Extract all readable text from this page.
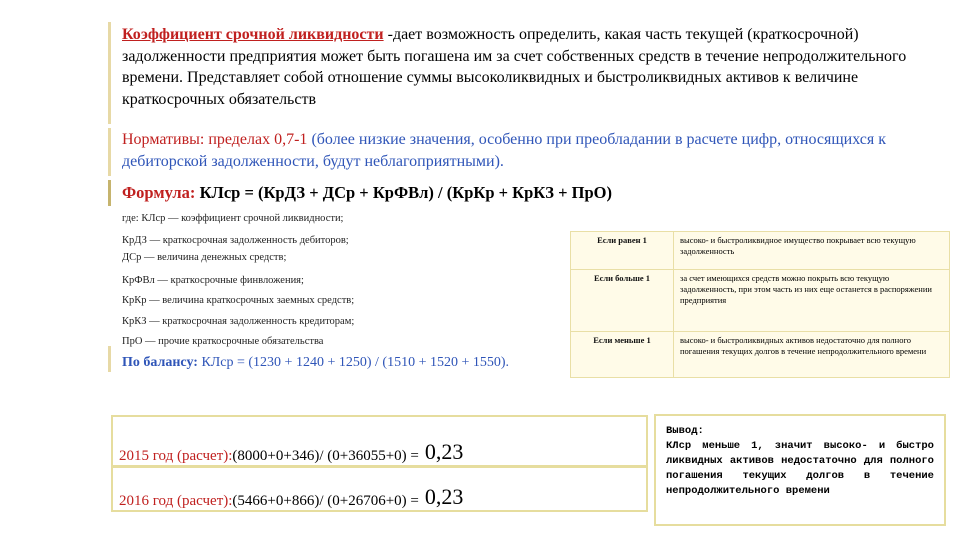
Коэффициент срочной ликвидности -дает возможность определить, какая часть текущей (краткосрочной) задолженности предприятия может быть погашена им за счет собственных средств в течение непродолжительного времени. Представляет собой отношение суммы высоколиквидных и быстроликвидных активов к величине краткосрочных обязательств
Нормативы: пределах 0,7-1 (более низкие значения, особенно при преобладании в расчете цифр, относящихся к дебиторской задолженности, будут неблагоприятными).
Формула: КЛср = (КрДЗ + ДСр + КрФВл) / (КрКр + КрКЗ + ПрО)
где: КЛср — коэффициент срочной ликвидности;
КрДЗ — краткосрочная задолженность дебиторов;
ДСр — величина денежных средств;
КрФВл — краткосрочные финвложения;
КрКр — величина краткосрочных заемных средств;
КрКЗ — краткосрочная задолженность кредиторам;
ПрО — прочие краткосрочные обязательства
По балансу: КЛср = (1230 + 1240 + 1250) / (1510 + 1520 + 1550).
Если равен 1	высоко- и быстроликвидное имущество покрывает всю текущую задолженность
Если больше 1	за счет имеющихся средств можно покрыть всю текущую задолженность, при этом часть из них еще останется в распоряжении предприятия
Если меньше 1	высоко- и быстроликвидных активов недостаточно для полного погашения текущих долгов в течение непродолжительного времени
2015 год (расчет): (8000+0+346)/ (0+36055+0) = 0,23
2016 год (расчет): (5466+0+866)/ (0+26706+0) = 0,23
Вывод:
КЛср меньше 1, значит высоко- и быстро ликвидных активов недостаточно для полного погашения текущих долгов в течение непродолжительного времени
